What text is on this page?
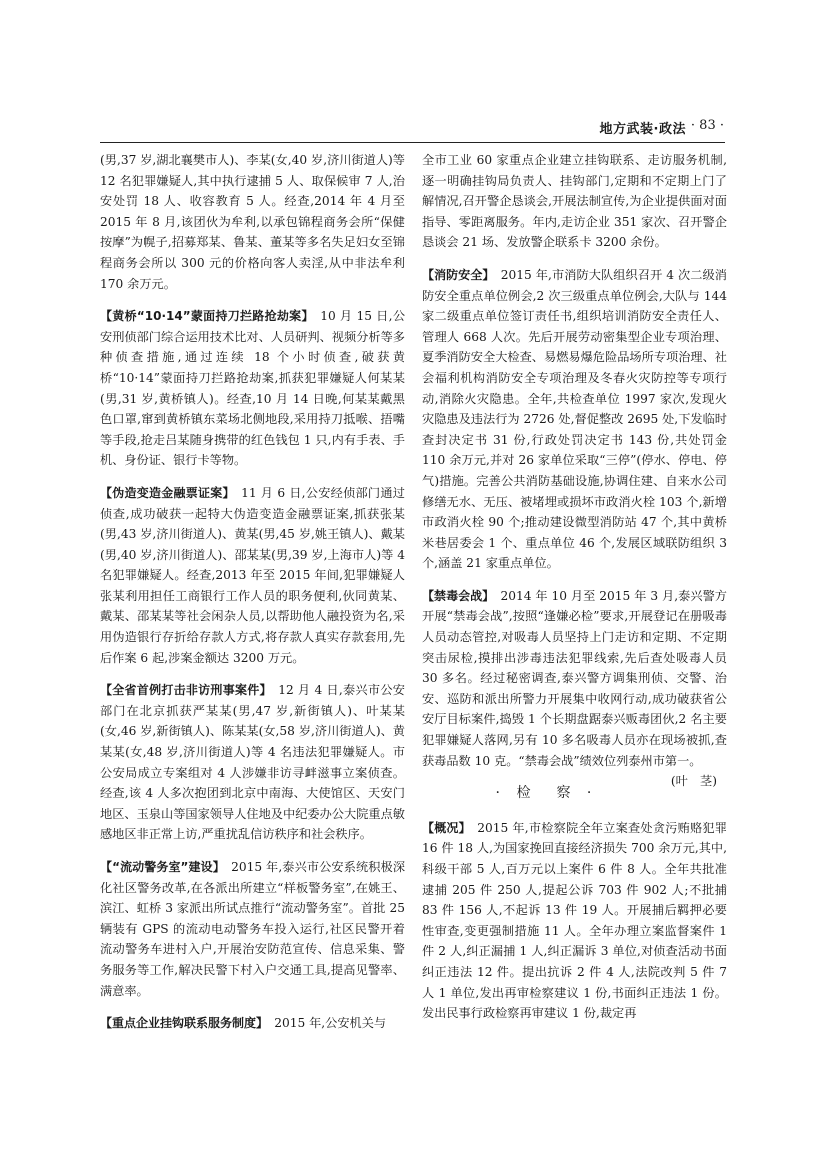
地方武装·政法 · 83 ·

(男,37 岁,湖北襄樊市人)、李某(女,40 岁,济川街道人)等 12 名犯罪嫌疑人,其中执行逮捕 5 人、取保候审 7 人,治安处罚 18 人、收容教育 5 人。经查,2014 年 4 月至 2015 年 8 月,该团伙为牟利,以承包锦程商务会所“保健按摩”为幌子,招募郑某、鲁某、董某等多名失足妇女至锦程商务会所以 300 元的价格向客人卖淫,从中非法牟利 170 余万元。

【黄桥“10·14”蒙面持刀拦路抢劫案】　 10 月 15 日,公安刑侦部门综合运用技术比对、人员研判、视频分析等多种侦查措施,通过连续 18 个小时侦查,破获黄桥“10·14”蒙面持刀拦路抢劫案,抓获犯罪嫌疑人何某某(男,31 岁,黄桥镇人)。经查,10 月 14 日晚,何某某戴黑色口罩,窜到黄桥镇东菜场北侧地段,采用持刀抵喉、捂嘴等手段,抢走吕某随身携带的红色钱包 1 只,内有手表、手机、身份证、银行卡等物。

【伪造变造金融票证案】　 11 月 6 日,公安经侦部门通过侦查,成功破获一起特大伪造变造金融票证案,抓获张某(男,43 岁,济川街道人)、黄某(男,45 岁,姚王镇人)、戴某(男,40 岁,济川街道人)、邵某某(男,39 岁,上海市人)等 4 名犯罪嫌疑人。经查,2013 年至 2015 年间,犯罪嫌疑人张某利用担任工商银行工作人员的职务便利,伙同黄某、戴某、邵某某等社会闲杂人员,以帮助他人融投资为名,采用伪造银行存折给存款人方式,将存款人真实存款套用,先后作案 6 起,涉案金额达 3200 万元。

【全省首例打击非访刑事案件】　 12 月 4 日,泰兴市公安部门在北京抓获严某某(男,47 岁,新街镇人)、叶某某(女,46 岁,新街镇人)、陈某某(女,58 岁,济川街道人)、黄某某(女,48 岁,济川街道人)等 4 名违法犯罪嫌疑人。市公安局成立专案组对 4 人涉嫌非访寻衅滋事立案侦查。经查,该 4 人多次抱团到北京中南海、大使馆区、天安门地区、玉泉山等国家领导人住地及中纪委办公大院重点敏感地区非正常上访,严重扰乱信访秩序和社会秩序。

【“流动警务室”建设】　 2015 年,泰兴市公安系统积极深化社区警务改革,在各派出所建立“样板警务室”,在姚王、滨江、虹桥 3 家派出所试点推行“流动警务室”。首批 25 辆装有 GPS 的流动电动警务车投入运行,社区民警开着流动警务车进村入户,开展治安防范宣传、信息采集、警务服务等工作,解决民警下村入户交通工具,提高见警率、满意率。

【重点企业挂钩联系服务制度】　 2015 年,公安机关与

全市工业 60 家重点企业建立挂钩联系、走访服务机制,逐一明确挂钩局负责人、挂钩部门,定期和不定期上门了解情况,召开警企恳谈会,开展法制宣传,为企业提供面对面指导、零距离服务。年内,走访企业 351 家次、召开警企恳谈会 21 场、发放警企联系卡 3200 余份。

【消防安全】　 2015 年,市消防大队组织召开 4 次二级消防安全重点单位例会,2 次三级重点单位例会,大队与 144 家二级重点单位签订责任书,组织培训消防安全责任人、管理人 668 人次。先后开展劳动密集型企业专项治理、夏季消防安全大检查、易燃易爆危险品场所专项治理、社会福利机构消防安全专项治理及冬春火灾防控等专项行动,消除火灾隐患。全年,共检查单位 1997 家次,发现火灾隐患及违法行为 2726 处,督促整改 2695 处,下发临时查封决定书 31 份,行政处罚决定书 143 份,共处罚金 110 余万元,并对 26 家单位采取“三停”(停水、停电、停气)措施。完善公共消防基础设施,协调住建、自来水公司修缮无水、无压、被堵埋或损坏市政消火栓 103 个,新增市政消火栓 90 个;推动建设微型消防站 47 个,其中黄桥米巷居委会 1 个、重点单位 46 个,发展区域联防组织 3 个,涵盖 21 家重点单位。

【禁毒会战】　 2014 年 10 月至 2015 年 3 月,泰兴警方开展“禁毒会战”,按照“逢嫌必检”要求,开展登记在册吸毒人员动态管控,对吸毒人员坚持上门走访和定期、不定期突击尿检,摸排出涉毒违法犯罪线索,先后查处吸毒人员 30 多名。经过秘密调查,泰兴警方调集刑侦、交警、治安、巡防和派出所警力开展集中收网行动,成功破获省公安厅目标案件,捣毁 1 个长期盘踞泰兴贩毒团伙,2 名主要犯罪嫌疑人落网,另有 10 多名吸毒人员亦在现场被抓,查获毒品数 10 克。“禁毒会战”绩效位列泰州市第一。
(叶　茎)

· 检　察 ·

【概况】　 2015 年,市检察院全年立案查处贪污贿赂犯罪 16 件 18 人,为国家挽回直接经济损失 700 余万元,其中,科级干部 5 人,百万元以上案件 6 件 8 人。全年共批准逮捕 205 件 250 人,提起公诉 703 件 902 人;不批捕 83 件 156 人,不起诉 13 件 19 人。开展捕后羁押必要性审查,变更强制措施 11 人。全年办理立案监督案件 1 件 2 人,纠正漏捕 1 人,纠正漏诉 3 单位,对侦查活动书面纠正违法 12 件。提出抗诉 2 件 4 人,法院改判 5 件 7 人 1 单位,发出再审检察建议 1 份,书面纠正违法 1 份。发出民事行政检察再审建议 1 份,裁定再
